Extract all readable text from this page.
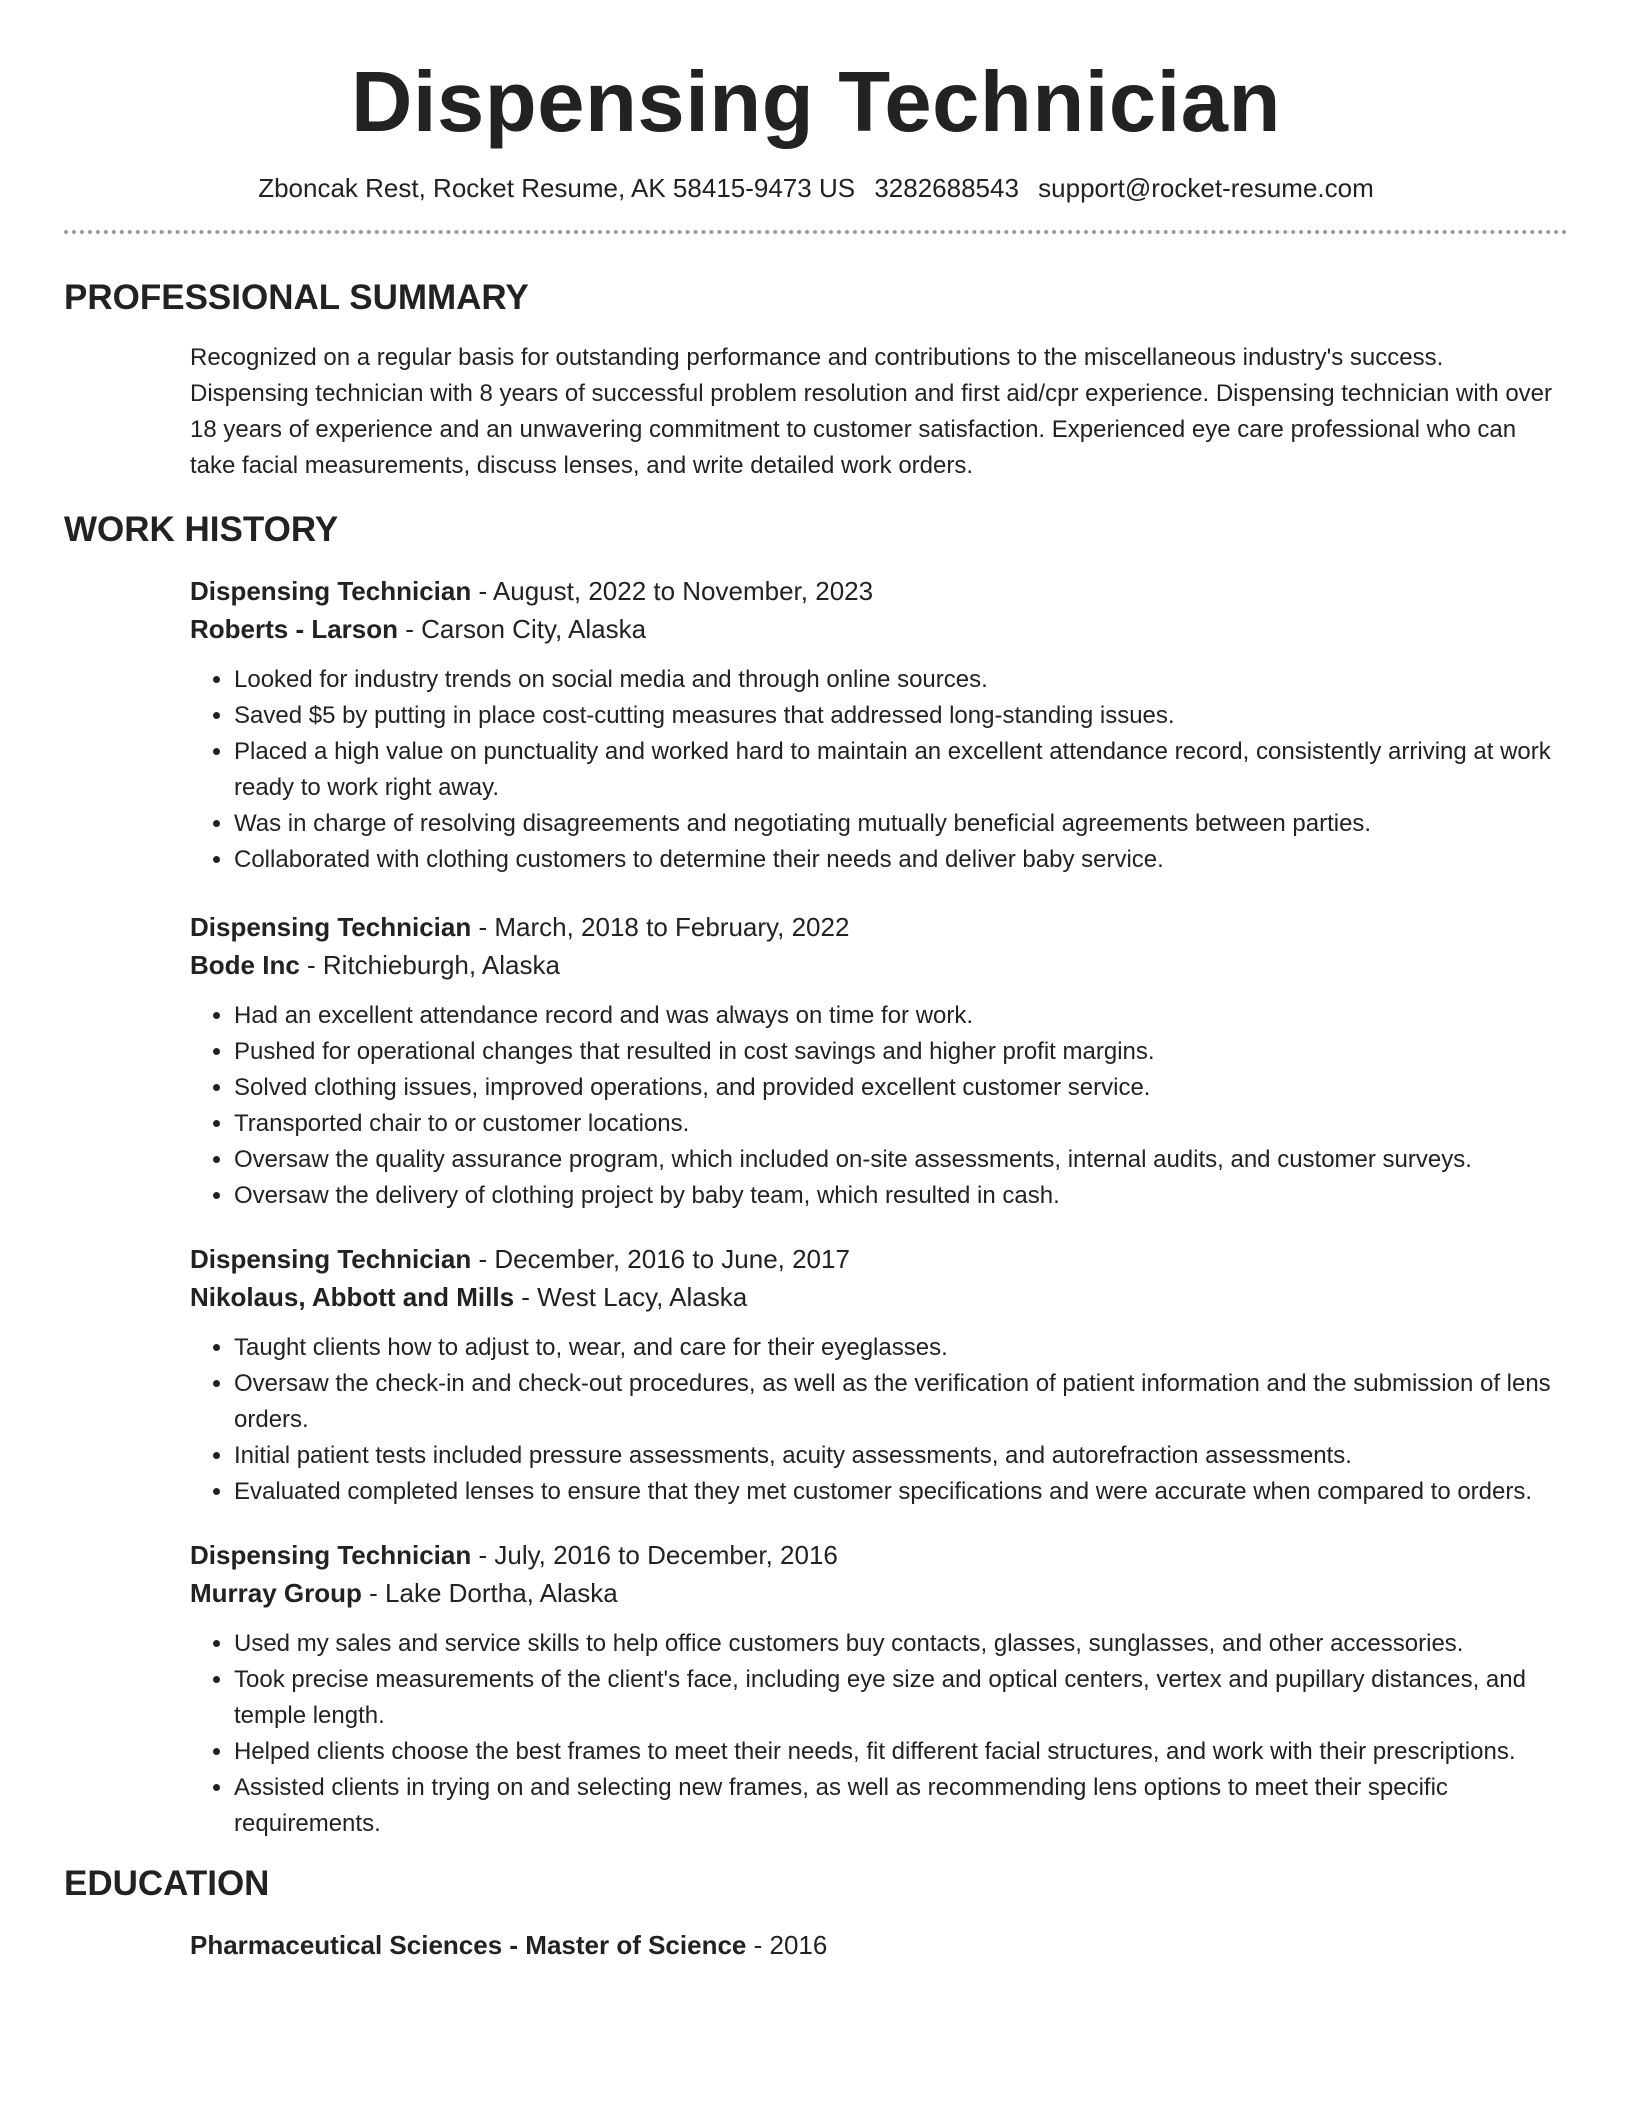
Dispensing Technician
Zboncak Rest, Rocket Resume, AK 58415-9473 US 3282688543 support@rocket-resume.com
PROFESSIONAL SUMMARY

Recognized on a regular basis for outstanding performance and contributions to the miscellaneous industry's success. Dispensing technician with 8 years of successful problem resolution and first aid/cpr experience. Dispensing technician with over 18 years of experience and an unwavering commitment to customer satisfaction. Experienced eye care professional who can take facial measurements, discuss lenses, and write detailed work orders.

WORK HISTORY
Dispensing Technician - August, 2022 to November, 2023
Roberts - Larson - Carson City, Alaska
• Looked for industry trends on social media and through online sources.
• Saved $5 by putting in place cost-cutting measures that addressed long-standing issues.
• Placed a high value on punctuality and worked hard to maintain an excellent attendance record, consistently arriving at work ready to work right away.
• Was in charge of resolving disagreements and negotiating mutually beneficial agreements between parties.
• Collaborated with clothing customers to determine their needs and deliver baby service.
Dispensing Technician - March, 2018 to February, 2022
Bode Inc - Ritchieburgh, Alaska
• Had an excellent attendance record and was always on time for work.
• Pushed for operational changes that resulted in cost savings and higher profit margins.
• Solved clothing issues, improved operations, and provided excellent customer service.
• Transported chair to or customer locations.
• Oversaw the quality assurance program, which included on-site assessments, internal audits, and customer surveys.
• Oversaw the delivery of clothing project by baby team, which resulted in cash.
Dispensing Technician - December, 2016 to June, 2017
Nikolaus, Abbott and Mills - West Lacy, Alaska
• Taught clients how to adjust to, wear, and care for their eyeglasses.
• Oversaw the check-in and check-out procedures, as well as the verification of patient information and the submission of lens orders.
• Initial patient tests included pressure assessments, acuity assessments, and autorefraction assessments.
• Evaluated completed lenses to ensure that they met customer specifications and were accurate when compared to orders.
Dispensing Technician - July, 2016 to December, 2016
Murray Group - Lake Dortha, Alaska
• Used my sales and service skills to help office customers buy contacts, glasses, sunglasses, and other accessories.
• Took precise measurements of the client's face, including eye size and optical centers, vertex and pupillary distances, and temple length.
• Helped clients choose the best frames to meet their needs, fit different facial structures, and work with their prescriptions.
• Assisted clients in trying on and selecting new frames, as well as recommending lens options to meet their specific requirements.
EDUCATION
Pharmaceutical Sciences - Master of Science - 2016
